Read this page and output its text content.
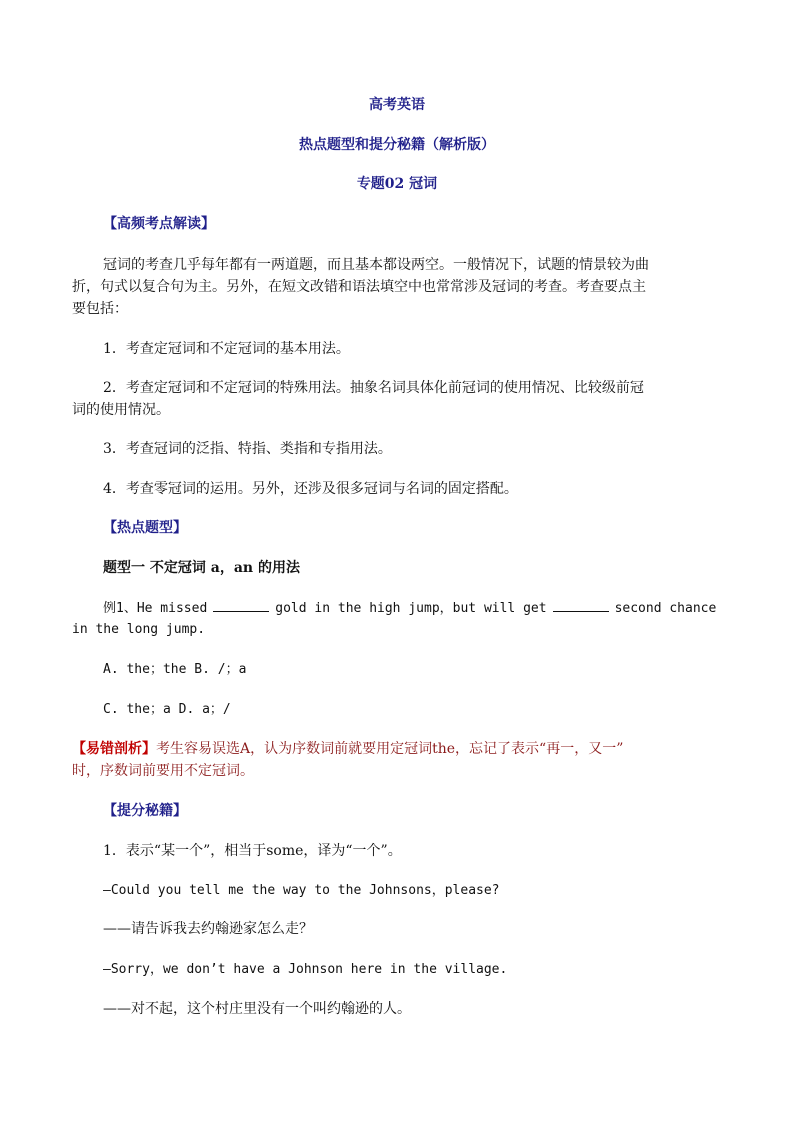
高考英语
热点题型和提分秘籍（解析版）
专题02 冠词
【高频考点解读】
冠词的考查几乎每年都有一两道题，而且基本都设两空。一般情况下，试题的情景较为曲
折，句式以复合句为主。另外，在短文改错和语法填空中也常常涉及冠词的考查。考查要点主
要包括：
1．考查定冠词和不定冠词的基本用法。
2．考查定冠词和不定冠词的特殊用法。抽象名词具体化前冠词的使用情况、比较级前冠
词的使用情况。
3．考查冠词的泛指、特指、类指和专指用法。
4．考查零冠词的运用。另外，还涉及很多冠词与名词的固定搭配。
【热点题型】
题型一 不定冠词 a，an 的用法
例1、He missed	gold in the high jump，but will get	second chance
in the long jump.
A. the；the B. /；a
C. the；a D. a；/
【易错剖析】考生容易误选A，认为序数词前就要用定冠词the，忘记了表示“再一，又一”
时，序数词前要用不定冠词。
【提分秘籍】
1．表示“某一个”，相当于some，译为“一个”。
—Could you tell me the way to the Johnsons，please?
——请告诉我去约翰逊家怎么走？
—Sorry，we don’t have a Johnson here in the village.
——对不起，这个村庄里没有一个叫约翰逊的人。
